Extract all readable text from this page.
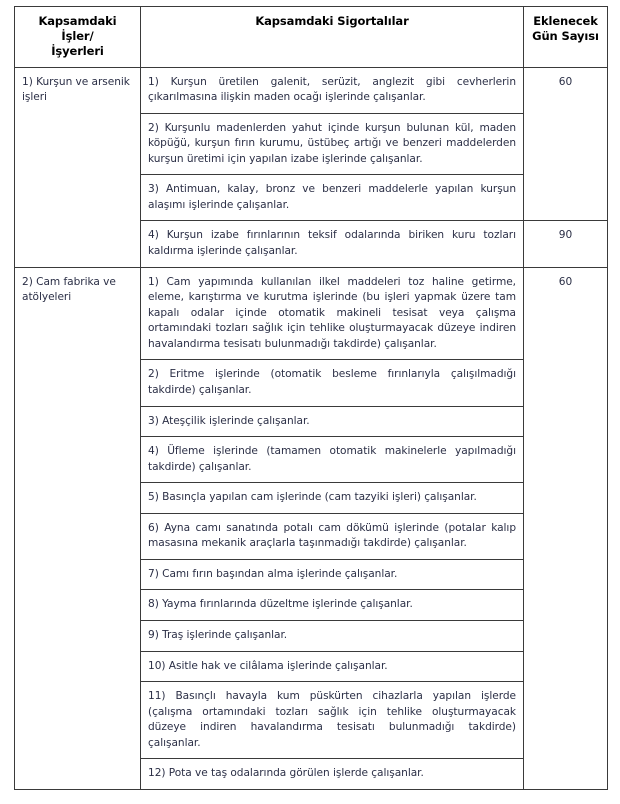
Kapsamdaki İşler/
İşyerleri	Kapsamdaki Sigortalılar	Eklenecek
Gün Sayısı
1) Kurşun ve arsenik işleri	1) Kurşun üretilen galenit, serüzit, anglezit gibi cevherlerin çıkarılmasına ilişkin maden ocağı işlerinde çalışanlar.	60
	2) Kurşunlu madenlerden yahut içinde kurşun bulunan kül, maden köpüğü, kurşun fırın kurumu, üstübeç artığı ve benzeri maddelerden kurşun üretimi için yapılan izabe işlerinde çalışanlar.	
	3) Antimuan, kalay, bronz ve benzeri maddelerle yapılan kurşun alaşımı işlerinde çalışanlar.	
	4) Kurşun izabe fırınlarının teksif odalarında biriken kuru tozları kaldırma işlerinde çalışanlar.	90
2) Cam fabrika ve atölyeleri	1) Cam yapımında kullanılan ilkel maddeleri toz haline getirme, eleme, karıştırma ve kurutma işlerinde (bu işleri yapmak üzere tam kapalı odalar içinde otomatik makineli tesisat veya çalışma ortamındaki tozları sağlık için tehlike oluşturmayacak düzeye indiren havalandırma tesisatı bulunmadığı takdirde) çalışanlar.	60
	2) Eritme işlerinde (otomatik besleme fırınlarıyla çalışılmadığı takdirde) çalışanlar.	
	3) Ateşçilik işlerinde çalışanlar.	
	4) Üfleme işlerinde (tamamen otomatik makinelerle yapılmadığı takdirde) çalışanlar.	
	5) Basınçla yapılan cam işlerinde (cam tazyiki işleri) çalışanlar.	
	6) Ayna camı sanatında potalı cam dökümü işlerinde (potalar kalıp masasına mekanik araçlarla taşınmadığı takdirde) çalışanlar.	
	7) Camı fırın başından alma işlerinde çalışanlar.	
	8) Yayma fırınlarında düzeltme işlerinde çalışanlar.	
	9) Traş işlerinde çalışanlar.	
	10) Asitle hak ve cilâlama işlerinde çalışanlar.	
	11) Basınçlı havayla kum püskürten cihazlarla yapılan işlerde (çalışma ortamındaki tozları sağlık için tehlike oluşturmayacak düzeye indiren havalandırma tesisatı bulunmadığı takdirde) çalışanlar.	
	12) Pota ve taş odalarında görülen işlerde çalışanlar.	
